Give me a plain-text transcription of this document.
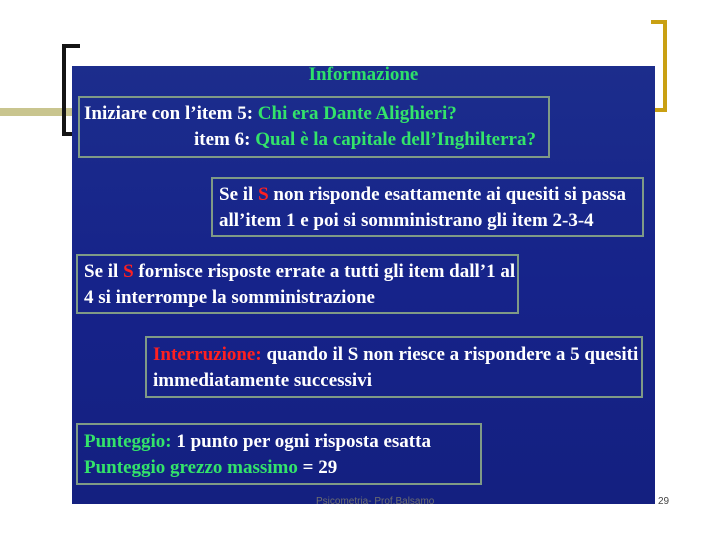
Informazione
Iniziare con l’item 5: Chi era Dante Alighieri?
item 6: Qual è la capitale dell’Inghilterra?
Se il S non risponde esattamente ai quesiti si passa
all’item 1 e poi si somministrano gli item 2-3-4
Se il S fornisce risposte errate a tutti gli item dall’1 al
4 si interrompe la somministrazione
Interruzione: quando il S non riesce a rispondere a 5 quesiti
immediatamente successivi
Punteggio: 1 punto per ogni risposta esatta
Punteggio grezzo massimo = 29
Psicometria- Prof.Balsamo	29
